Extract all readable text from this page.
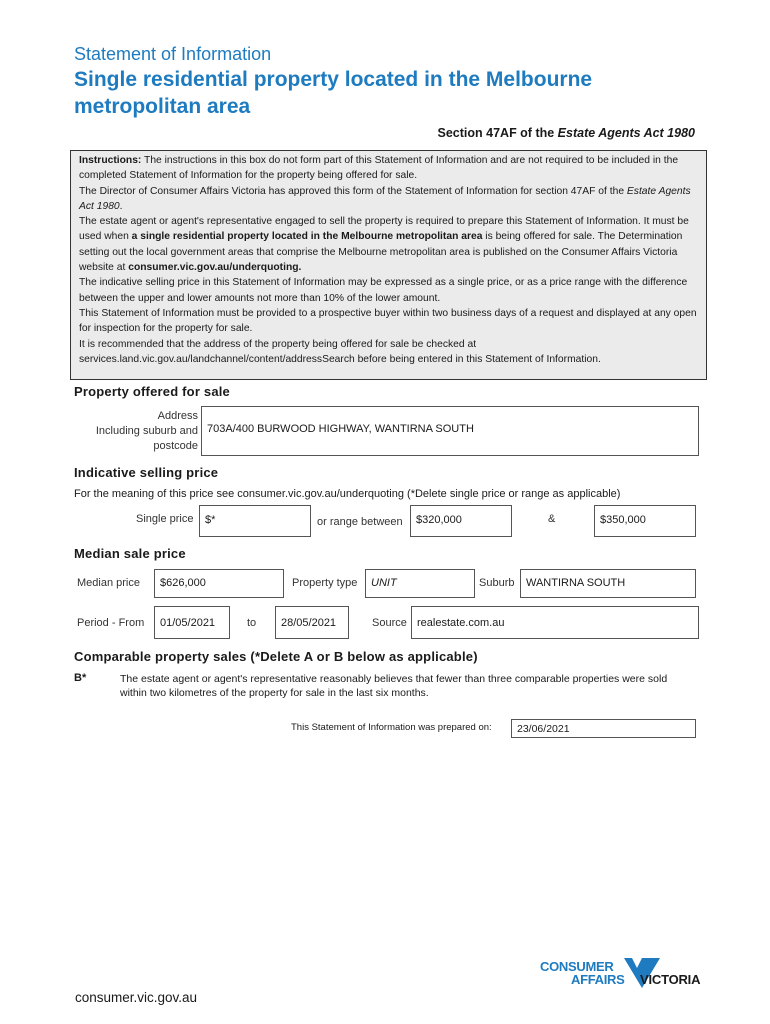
Statement of Information
Single residential property located in the Melbourne metropolitan area
Section 47AF of the Estate Agents Act 1980

Instructions: The instructions in this box do not form part of this Statement of Information and are not required to be included in the completed Statement of Information for the property being offered for sale.

The Director of Consumer Affairs Victoria has approved this form of the Statement of Information for section 47AF of the Estate Agents Act 1980.

The estate agent or agent's representative engaged to sell the property is required to prepare this Statement of Information. It must be used when a single residential property located in the Melbourne metropolitan area is being offered for sale. The Determination setting out the local government areas that comprise the Melbourne metropolitan area is published on the Consumer Affairs Victoria website at consumer.vic.gov.au/underquoting.

The indicative selling price in this Statement of Information may be expressed as a single price, or as a price range with the difference between the upper and lower amounts not more than 10% of the lower amount.

This Statement of Information must be provided to a prospective buyer within two business days of a request and displayed at any open for inspection for the property for sale.

It is recommended that the address of the property being offered for sale be checked at services.land.vic.gov.au/landchannel/content/addressSearch before being entered in this Statement of Information.

Property offered for sale
Address
Including suburb and
postcode
703A/400 BURWOOD HIGHWAY, WANTIRNA SOUTH
Indicative selling price
For the meaning of this price see consumer.vic.gov.au/underquoting (*Delete single price or range as applicable)
Single price	$*	or range between	$320,000	&	$350,000
Median sale price
Median price	$626,000	Property type	UNIT	Suburb	WANTIRNA SOUTH
Period - From	01/05/2021	to	28/05/2021	Source realestate.com.au
Comparable property sales (*Delete A or B below as applicable)
B*	The estate agent or agent's representative reasonably believes that fewer than three comparable properties were sold within two kilometres of the property for sale in the last six months.
This Statement of Information was prepared on:	23/06/2021
consumer.vic.gov.au
CONSUMER
AFFAIRS VICTORIA
